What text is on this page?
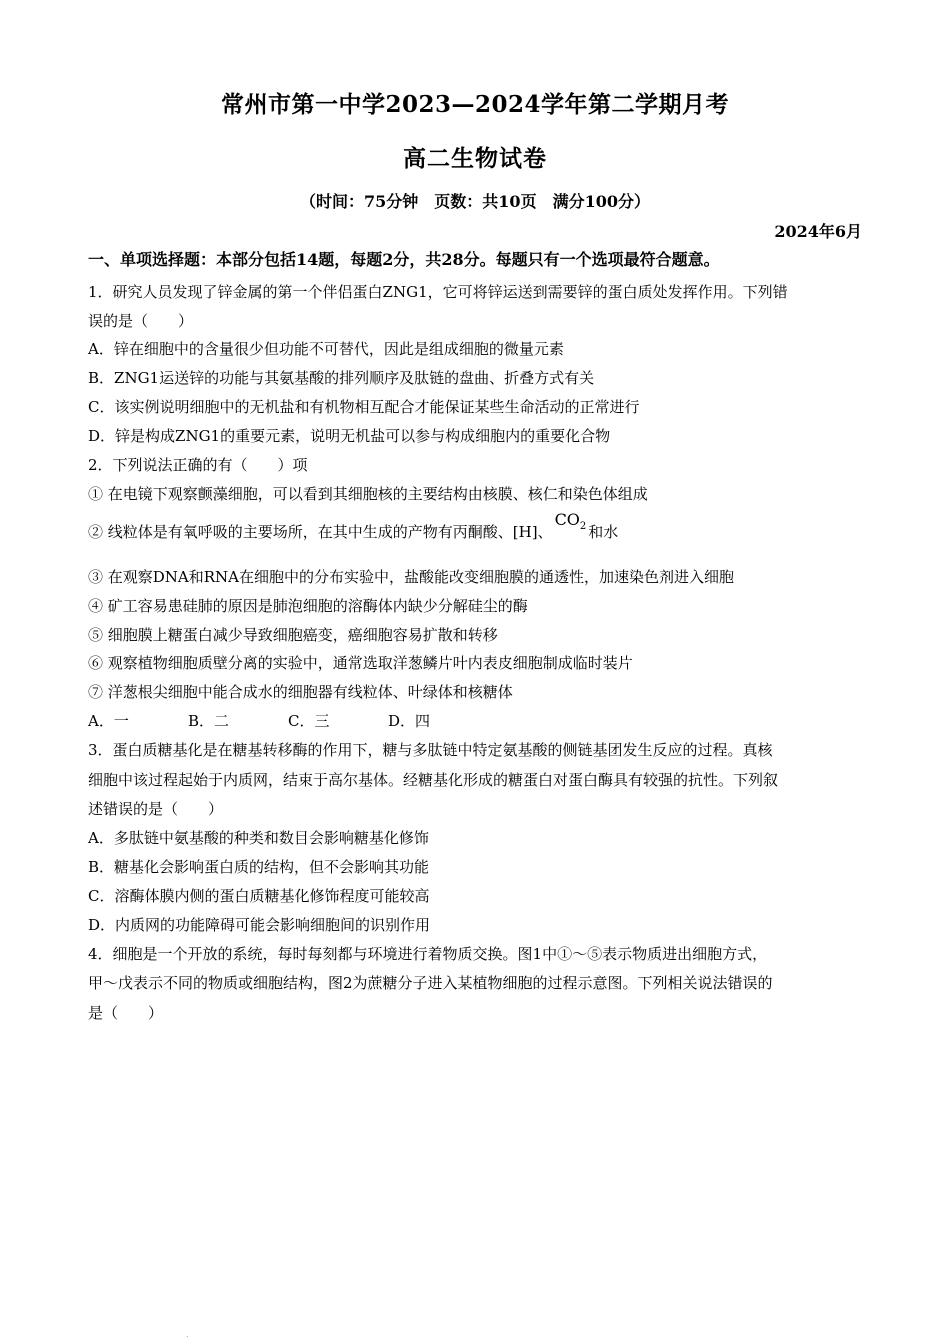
常州市第一中学2023—2024学年第二学期月考
高二生物试卷
（时间：75分钟　页数：共10页　满分100分）
2024年6月
一、单项选择题：本部分包括14题，每题2分，共28分。每题只有一个选项最符合题意。
1．研究人员发现了锌金属的第一个伴侣蛋白ZNG1，它可将锌运送到需要锌的蛋白质处发挥作用。下列错
误的是（　　）
A．锌在细胞中的含量很少但功能不可替代，因此是组成细胞的微量元素
B．ZNG1运送锌的功能与其氨基酸的排列顺序及肽链的盘曲、折叠方式有关
C．该实例说明细胞中的无机盐和有机物相互配合才能保证某些生命活动的正常进行
D．锌是构成ZNG1的重要元素，说明无机盐可以参与构成细胞内的重要化合物
2．下列说法正确的有（　　）项
① 在电镜下观察颤藻细胞，可以看到其细胞核的主要结构由核膜、核仁和染色体组成
② 线粒体是有氧呼吸的主要场所，在其中生成的产物有丙酮酸、[H]、$CO_2$ 和水
③ 在观察DNA和RNA在细胞中的分布实验中，盐酸能改变细胞膜的通透性，加速染色剂进入细胞
④ 矿工容易患硅肺的原因是肺泡细胞的溶酶体内缺少分解硅尘的酶
⑤ 细胞膜上糖蛋白减少导致细胞癌变，癌细胞容易扩散和转移
⑥ 观察植物细胞质壁分离的实验中，通常选取洋葱鳞片叶内表皮细胞制成临时装片
⑦ 洋葱根尖细胞中能合成水的细胞器有线粒体、叶绿体和核糖体
A．一	B．二	C．三	D．四
3．蛋白质糖基化是在糖基转移酶的作用下，糖与多肽链中特定氨基酸的侧链基团发生反应的过程。真核
细胞中该过程起始于内质网，结束于高尔基体。经糖基化形成的糖蛋白对蛋白酶具有较强的抗性。下列叙
述错误的是（　　）
A．多肽链中氨基酸的种类和数目会影响糖基化修饰
B．糖基化会影响蛋白质的结构，但不会影响其功能
C．溶酶体膜内侧的蛋白质糖基化修饰程度可能较高
D．内质网的功能障碍可能会影响细胞间的识别作用
4．细胞是一个开放的系统，每时每刻都与环境进行着物质交换。图1中①～⑤表示物质进出细胞方式，
甲～戊表示不同的物质或细胞结构，图2为蔗糖分子进入某植物细胞的过程示意图。下列相关说法错误的
是（　　）
.
